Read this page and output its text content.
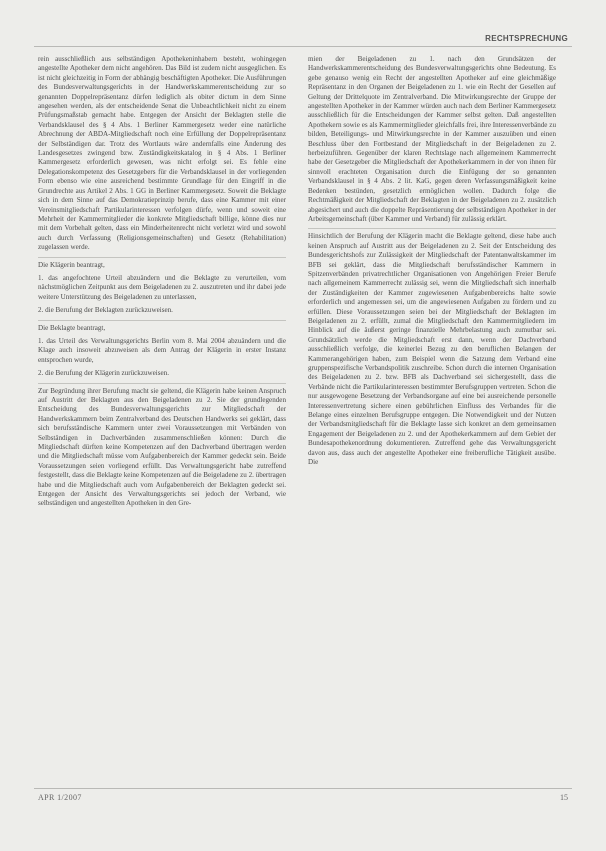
RECHTSPRECHUNG

rein ausschließlich aus selbständigen Apothekeninhabern besteht, wohingegen angestellte Apotheker dem nicht angehören. Das Bild ist zudem nicht ausgeglichen. Es ist nicht gleichzeitig in Form der abhängig beschäftigten Apotheker. Die Ausführungen des Bundesverwaltungsgerichts in der Handwerkskammerentscheidung zur so genannten Doppelrepräsentanz dürfen lediglich als obiter dictum in dem Sinne angesehen werden, als der entscheidende Senat die Unbeachtlichkeit nicht zu einem Prüfungsmaßstab gemacht habe. Entgegen der Ansicht der Beklagten stelle die Verbandsklausel des § 4 Abs. 1 Berliner Kammergesetz weder eine natürliche Abrechnung der ABDA-Mitgliedschaft noch eine Erfüllung der Doppelrepräsentanz der Selbständigen dar. Trotz des Wortlauts wäre andernfalls eine Änderung des Landesgesetzes zwingend bzw. Zuständigkeitskatalog in § 4 Abs. 1 Berliner Kammergesetz erforderlich gewesen, was nicht erfolgt sei. Es fehle eine Delegationskompetenz des Gesetzgebers für die Verbandsklausel in der vorliegenden Form ebenso wie eine ausreichend bestimmte Grundlage für den Eingriff in die Grundrechte aus Artikel 2 Abs. 1 GG in Berliner Kammergesetz. Soweit die Beklagte sich in dem Sinne auf das Demokratieprinzip berufe, dass eine Kammer mit einer Vereinsmitgliedschaft Partikularinteressen verfolgen dürfe, wenn und soweit eine Mehrheit der Kammermitglieder die konkrete Mitgliedschaft billige, könne dies nur mit dem Vorbehalt gelten, dass ein Minderheitenrecht nicht verletzt wird und sowohl auch durch Verfassung (Religionsgemeinschaften) und Gesetz (Rehabilitation) zugelassen werde.

Die Klägerin beantragt,

1. das angefochtene Urteil abzuändern und die Beklagte zu verurteilen, vom nächstmöglichen Zeitpunkt aus dem Beigeladenen zu 2. auszutreten und ihr dabei jede weitere Unterstützung des Beigeladenen zu unterlassen,

2. die Berufung der Beklagten zurückzuweisen.

Die Beklagte beantragt,

1. das Urteil des Verwaltungsgerichts Berlin vom 8. Mai 2004 abzuändern und die Klage auch insoweit abzuweisen als dem Antrag der Klägerin in erster Instanz entsprochen wurde,

2. die Berufung der Klägerin zurückzuweisen.

Zur Begründung ihrer Berufung macht sie geltend, die Klägerin habe keinen Anspruch auf Austritt der Beklagten aus den Beigeladenen zu 2. Sie der grundlegenden Entscheidung des Bundesverwaltungsgerichts zur Mitgliedschaft der Handwerkskammern beim Zentralverband des Deutschen Handwerks sei geklärt, dass sich berufsständische Kammern unter zwei Voraussetzungen mit Verbänden von Selbständigen in Dachverbänden zusammenschließen können: Durch die Mitgliedschaft dürften keine Kompetenzen auf den Dachverband übertragen werden und die Mitgliedschaft müsse vom Aufgabenbereich der Kammer gedeckt sein. Beide Voraussetzungen seien vorliegend erfüllt. Das Verwaltungsgericht habe zutreffend festgestellt, dass die Beklagte keine Kompetenzen auf die Beigeladene zu 2. übertragen habe und die Mitgliedschaft auch vom Aufgabenbereich der Beklagten gedeckt sei. Entgegen der Ansicht des Verwaltungsgerichts sei jedoch der Verband, wie selbständigen und angestellten Apotheken in den Gre-

mien der Beigeladenen zu 1. nach den Grundsätzen der Handwerkskammerentscheidung des Bundesverwaltungsgerichts ohne Bedeutung. Es gebe genauso wenig ein Recht der angestellten Apotheker auf eine gleichmäßige Repräsentanz in den Organen der Beigeladenen zu 1. wie ein Recht der Gesellen auf Geltung der Drittelquote im Zentralverband. Die Mitwirkungsrechte der Gruppe der angestellten Apotheker in der Kammer würden auch nach dem Berliner Kammergesetz ausschließlich für die Entscheidungen der Kammer selbst gelten. Daß angestellten Apothekern sowie es als Kammermitglieder gleichfalls frei, ihre Interessenverbände zu bilden, Beteiligungs- und Mitwirkungsrechte in der Kammer auszuüben und einen Beschluss über den Fortbestand der Mitgliedschaft in der Beigeladenen zu 2. herbeizuführen. Gegenüber der klaren Rechtslage nach allgemeinem Kammerrecht habe der Gesetzgeber die Mitgliedschaft der Apothekerkammern in der von ihnen für sinnvoll erachteten Organisation durch die Einfügung der so genannten Verbandsklausel in § 4 Abs. 2 lit. KaG, gegen deren Verfassungsmäßigkeit keine Bedenken bestünden, gesetzlich ermöglichen wollen. Dadurch folge die Rechtmäßigkeit der Mitgliedschaft der Beklagten in der Beigeladenen zu 2. zusätzlich abgesichert und auch die doppelte Repräsentierung der selbständigen Apotheker in der Arbeitsgemeinschaft (über Kammer und Verband) für zulässig erklärt.

Hinsichtlich der Berufung der Klägerin macht die Beklagte geltend, diese habe auch keinen Anspruch auf Austritt aus der Beigeladenen zu 2. Seit der Entscheidung des Bundesgerichtshofs zur Zulässigkeit der Mitgliedschaft der Patentanwaltskammer im BFB sei geklärt, dass die Mitgliedschaft berufsständischer Kammern in Spitzenverbänden privatrechtlicher Organisationen von Angehörigen Freier Berufe nach allgemeinem Kammerrecht zulässig sei, wenn die Mitgliedschaft sich innerhalb der Zuständigkeiten der Kammer zugewiesenen Aufgabenbereichs halte sowie erforderlich und angemessen sei, um die angewiesenen Aufgaben zu fördern und zu erfüllen. Diese Voraussetzungen seien bei der Mitgliedschaft der Beklagten im Beigeladenen zu 2. erfüllt, zumal die Mitgliedschaft den Kammermitgliedern im Hinblick auf die äußerst geringe finanzielle Mehrbelastung auch zumutbar sei. Grundsätzlich werde die Mitgliedschaft erst dann, wenn der Dachverband ausschließlich verfolge, die keinerlei Bezug zu den beruflichen Belangen der Kammerangehörigen haben, zum Beispiel wenn die Satzung dem Verband eine gruppenspezifische Verbandspolitik zuschreibe. Schon durch die internen Organisation des Beigeladenen zu 2. bzw. BFB als Dachverband sei sichergestellt, dass die Verbände nicht die Partikularinteressen bestimmter Berufsgruppen vertreten. Schon die nur ausgewogene Besetzung der Verbandsorgane auf eine bei ausreichende personelle Interessenvertretung sichere einen gebührlichen Einfluss des Verbandes für die Belange eines einzelnen Berufsgruppe entgegen. Die Notwendigkeit und der Nutzen der Verbandsmitgliedschaft für die Beklagte lasse sich konkret an dem gemeinsamen Engagement der Beigeladenen zu 2. und der Apothekerkammern auf dem Gebiet der Bundesapothekenordnung dokumentieren. Zutreffend gehe das Verwaltungsgericht davon aus, dass auch der angestellte Apotheker eine freiberufliche Tätigkeit ausübe. Die

APR 1/2007	15
